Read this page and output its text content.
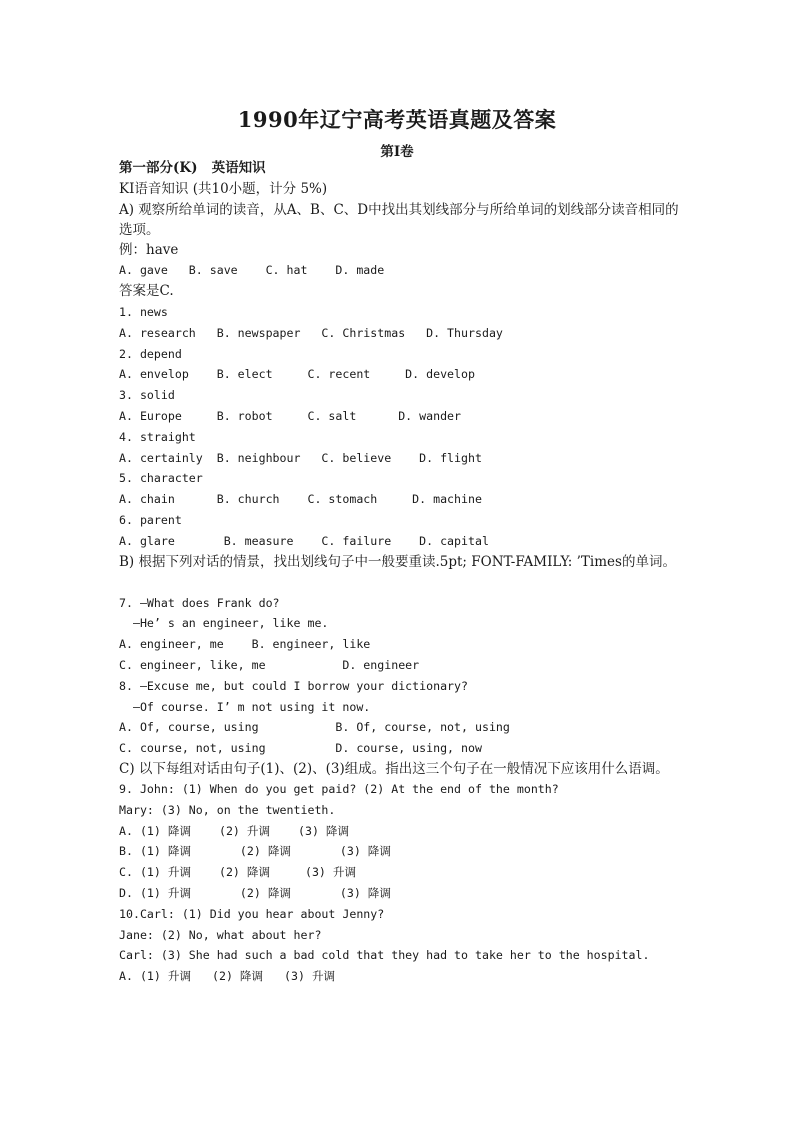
1990年辽宁高考英语真题及答案
第I卷
第一部分(K)   英语知识
KI语音知识 (共10小题，计分 5%)
A) 观察所给单词的读音，从A、B、C、D中找出其划线部分与所给单词的划线部分读音相同的选项。
例：have
A. gave   B. save    C. hat    D. made
答案是C.
1. news
A. research   B. newspaper   C. Christmas   D. Thursday
2. depend
A. envelop    B. elect     C. recent     D. develop
3. solid
A. Europe     B. robot     C. salt      D. wander
4. straight
A. certainly  B. neighbour   C. believe    D. flight
5. character
A. chain      B. church    C. stomach     D. machine
6. parent
A. glare       B. measure    C. failure    D. capital
B) 根据下列对话的情景，找出划线句子中一般要重读.5pt; FONT-FAMILY: ’Times的单词。
7. —What does Frank do?
—He’ s an engineer, like me.
A. engineer, me    B. engineer, like
C. engineer, like, me           D. engineer
8. —Excuse me, but could I borrow your dictionary?
—Of course. I’ m not using it now.
A. Of, course, using           B. Of, course, not, using
C. course, not, using          D. course, using, now
C) 以下每组对话由句子(1)、(2)、(3)组成。指出这三个句子在一般情况下应该用什么语调。
9. John: (1) When do you get paid? (2) At the end of the month?
Mary: (3) No, on the twentieth.
A. (1) 降调    (2) 升调    (3) 降调
B. (1) 降调       (2) 降调       (3) 降调
C. (1) 升调    (2) 降调     (3) 升调
D. (1) 升调       (2) 降调       (3) 降调
10.Carl: (1) Did you hear about Jenny?
Jane: (2) No, what about her?
Carl: (3) She had such a bad cold that they had to take her to the hospital.
A. (1) 升调   (2) 降调   (3) 升调
